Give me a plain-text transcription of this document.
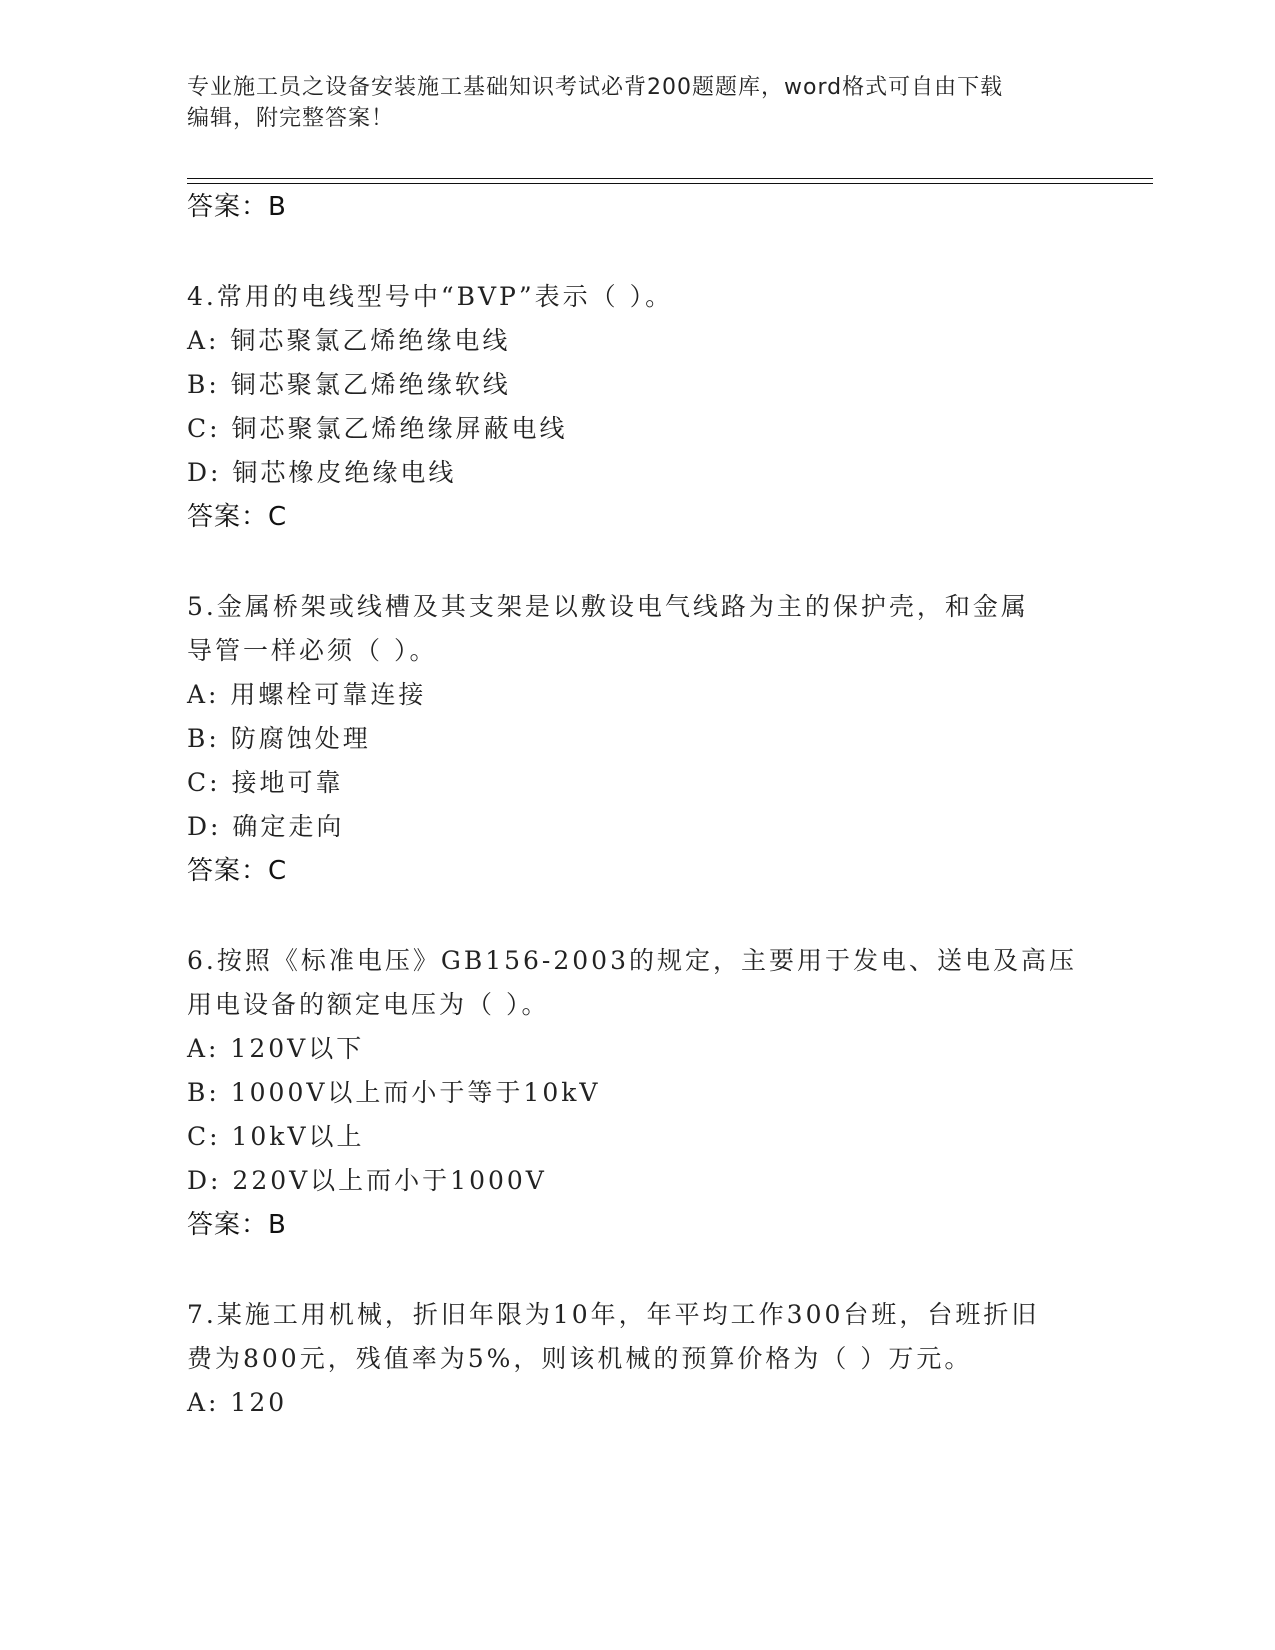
专业施工员之设备安装施工基础知识考试必背200题题库，word格式可自由下载
编辑，附完整答案！
答案：B
4.常用的电线型号中“BVP”表示（ ）。
A: 铜芯聚氯乙烯绝缘电线
B: 铜芯聚氯乙烯绝缘软线
C: 铜芯聚氯乙烯绝缘屏蔽电线
D: 铜芯橡皮绝缘电线
答案：C
5.金属桥架或线槽及其支架是以敷设电气线路为主的保护壳，和金属
导管一样必须（ ）。
A: 用螺栓可靠连接
B: 防腐蚀处理
C: 接地可靠
D: 确定走向
答案：C
6.按照《标准电压》GB156-2003的规定，主要用于发电、送电及高压
用电设备的额定电压为（ ）。
A: 120V以下
B: 1000V以上而小于等于10kV
C: 10kV以上
D: 220V以上而小于1000V
答案：B
7.某施工用机械，折旧年限为10年，年平均工作300台班，台班折旧
费为800元，残值率为5%，则该机械的预算价格为（ ）万元。
A: 120
